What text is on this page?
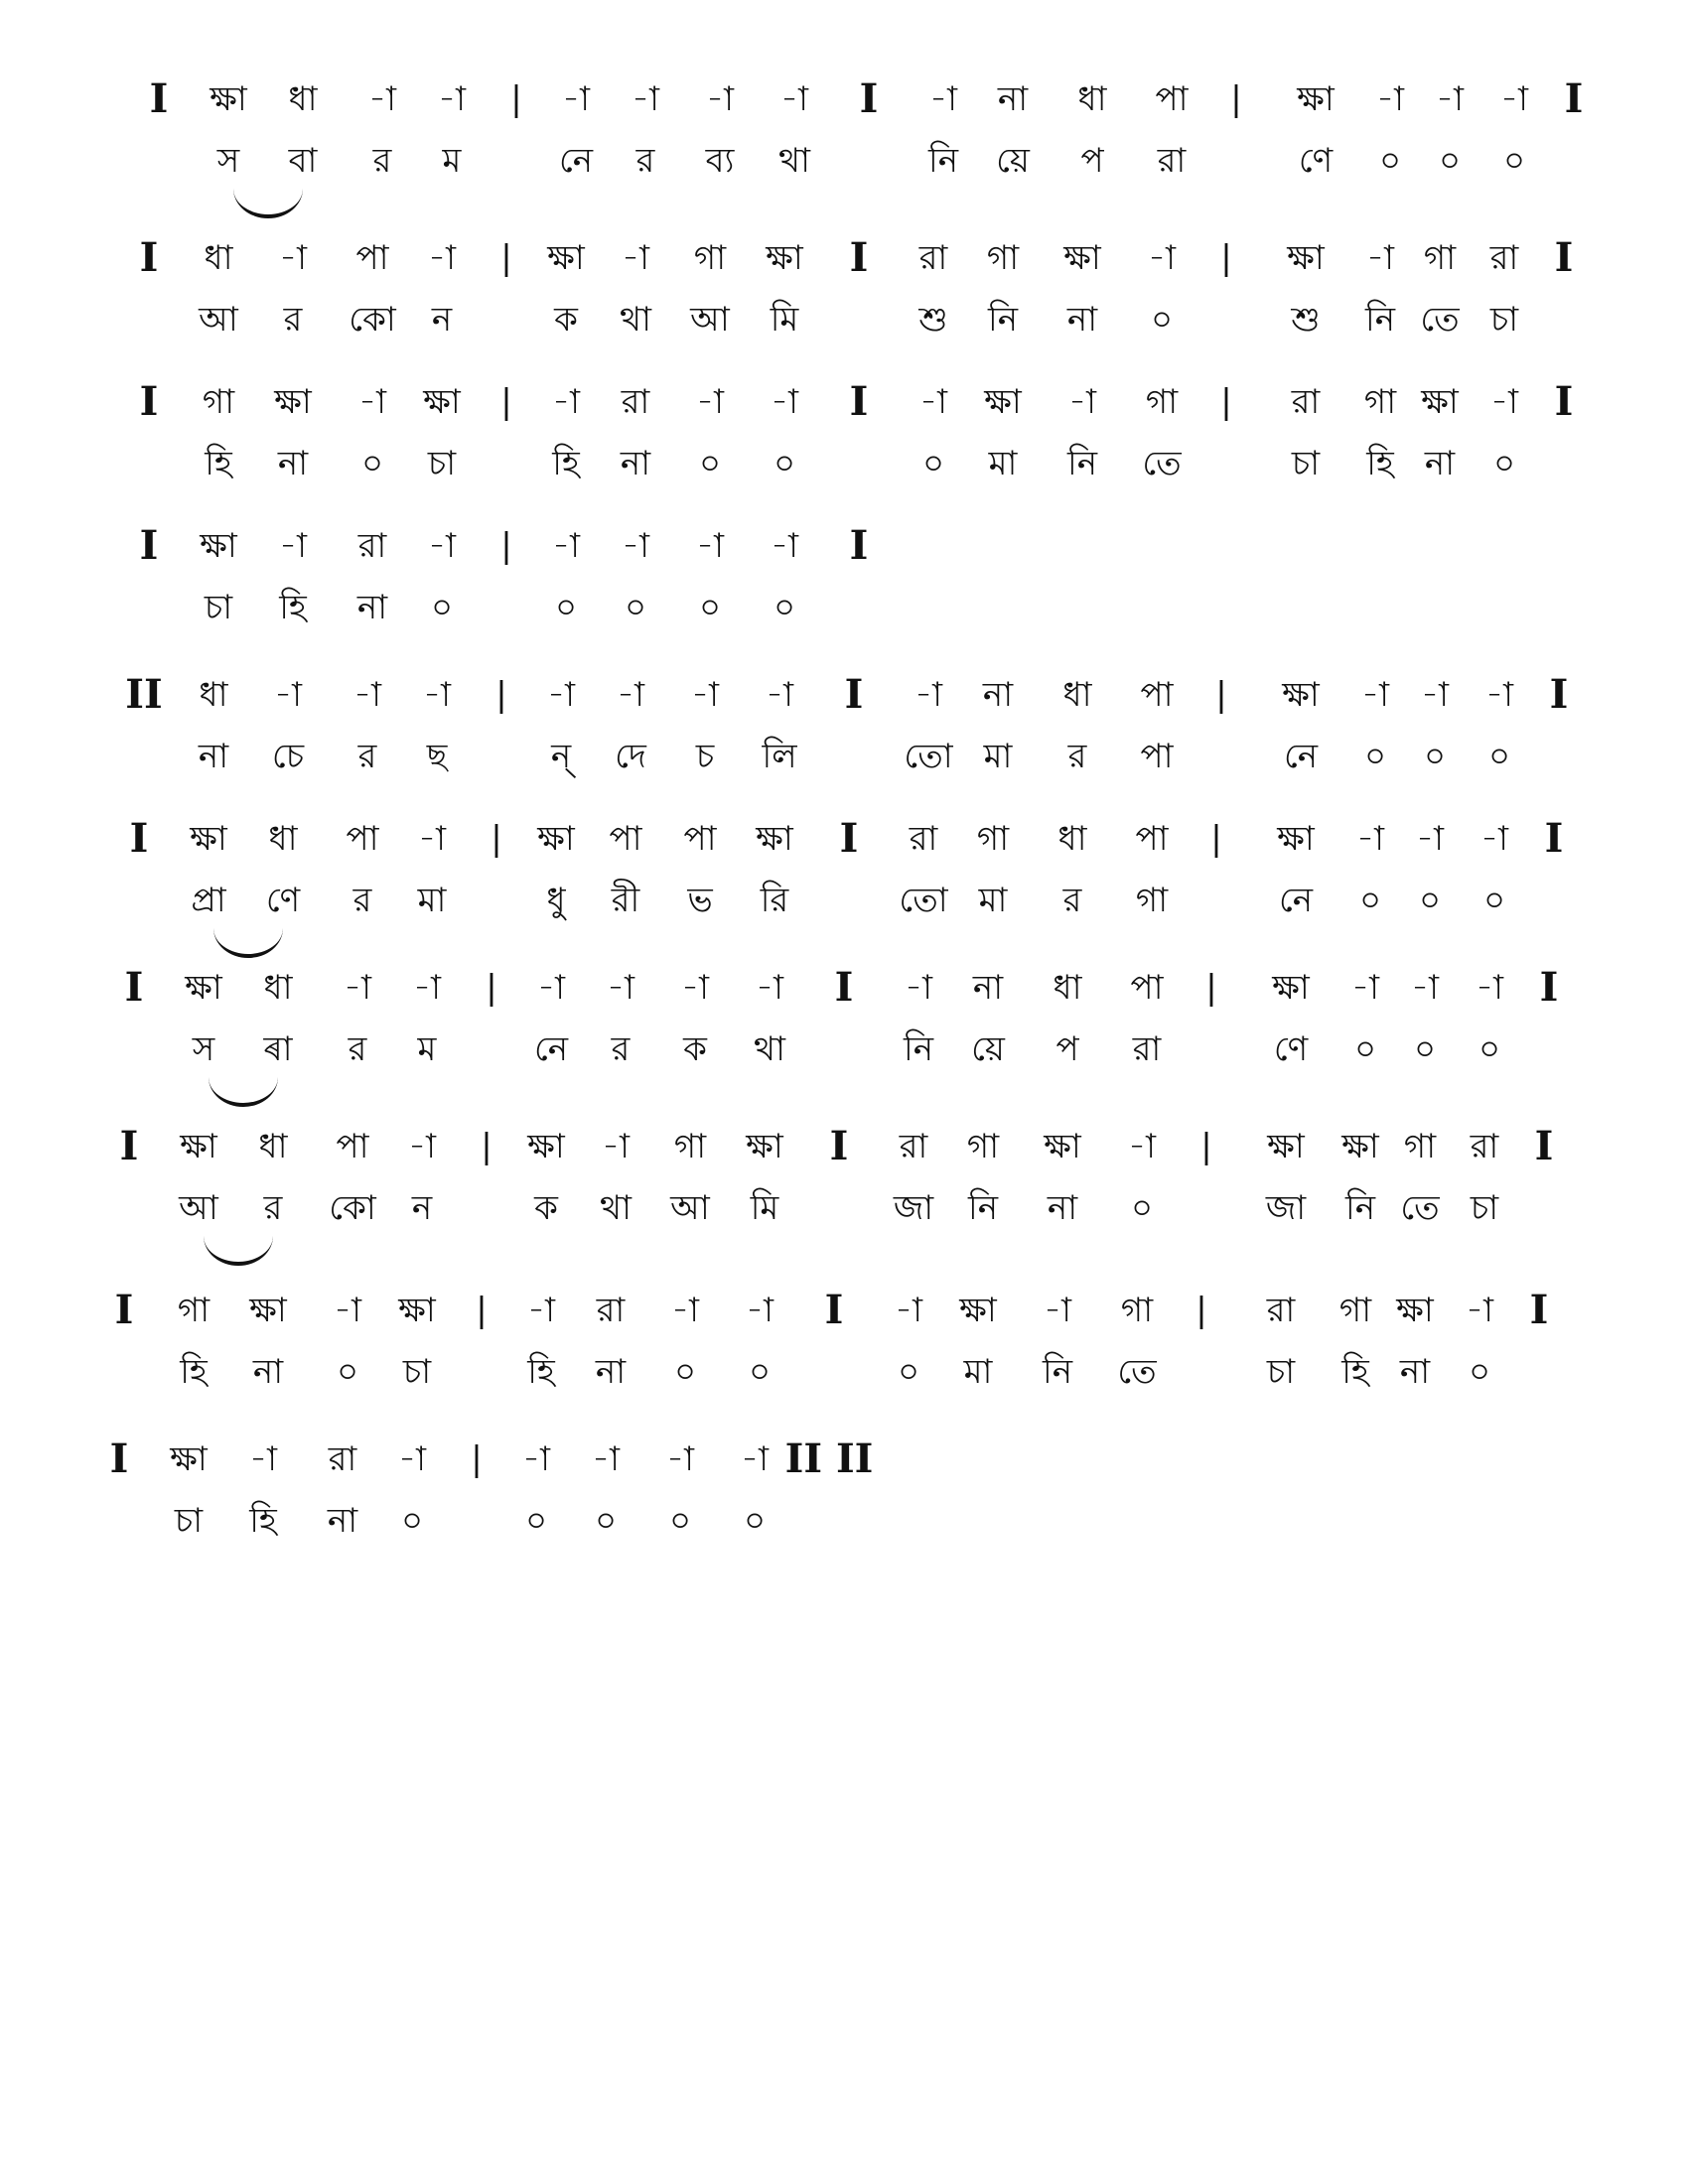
I ক্ষা ধা -া -া | -া -া -া -া I -া না ধা পা | ক্ষা -া -া -া I
স বা র ম	নে র ব্য থা	নি য়ে প রা	ণে ০ ০ ০
I ধা -া পা -া | ক্ষা -া গা ক্ষা I রা গা ক্ষা -া | ক্ষা -া গা রা I
আ র কো ন	ক থা আ মি	শু নি না ০	শু নি তে চা
I গা ক্ষা -া ক্ষা | -া রা -া -া I -া ক্ষা -া গা | রা গা ক্ষা -া I
হি না ০ চা	হি না ০ ০	০ মা নি তে	চা হি না ০
I ক্ষা -া রা -া | -া -া -া -া I
চা হি না ০	০ ০ ০ ০
II ধা -া -া -া | -া -া -া -া I -া না ধা পা | ক্ষা -া -া -া I
না চে র ছ	ন্ দে চ লি	তো মা র পা	নে ০ ০ ০
I ক্ষা ধা পা -া | ক্ষা পা পা ক্ষা I রা গা ধা পা | ক্ষা -া -া -া I
প্রা ণে র মা	ধু রী ভ রি	তো মা র গা	নে ০ ০ ০
I ক্ষা ধা -া -া | -া -া -া -া I -া না ধা পা | ক্ষা -া -া -া I
স ৰা র ম	নে র ক থা	নি য়ে প রা	ণে ০ ০ ০
I ক্ষা ধা পা -া | ক্ষা -া গা ক্ষা I রা গা ক্ষা -া | ক্ষা ক্ষা গা রা I
আ র কো ন	ক থা আ মি	জা নি না ০	জা নি তে চা
I গা ক্ষা -া ক্ষা | -া রা -া -া I -া ক্ষা -া গা | রা গা ক্ষা -া I
হি না ০ চা	হি না ০ ০	০ মা নি তে	চা হি না ০
I ক্ষা -া রা -া | -া -া -া -া II II
চা হি না ০	০ ০ ০ ০
